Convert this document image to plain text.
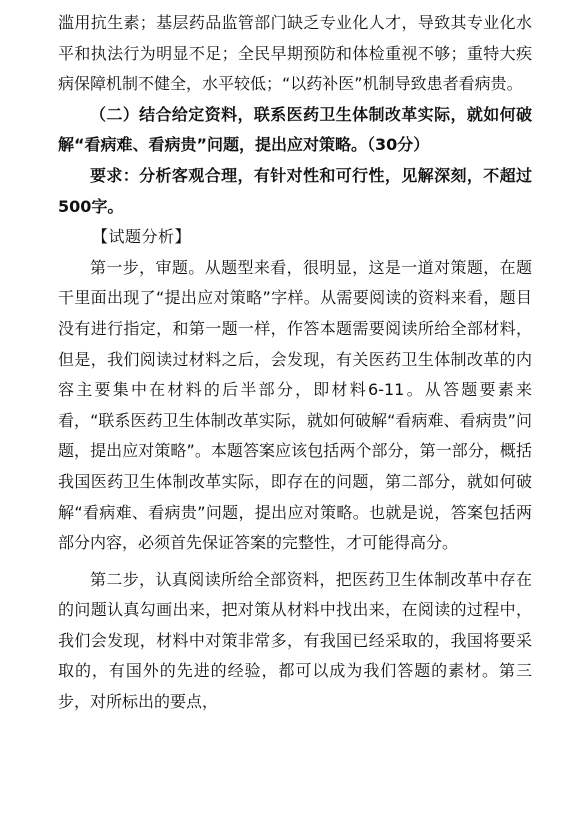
滥用抗生素；基层药品监管部门缺乏专业化人才，导致其专业化水平和执法行为明显不足；全民早期预防和体检重视不够；重特大疾病保障机制不健全，水平较低；“以药补医”机制导致患者看病贵。

（二）结合给定资料，联系医药卫生体制改革实际，就如何破解“看病难、看病贵”问题，提出应对策略。（30分）

要求：分析客观合理，有针对性和可行性，见解深刻，不超过500字。

【试题分析】

第一步，审题。从题型来看，很明显，这是一道对策题，在题干里面出现了“提出应对策略”字样。从需要阅读的资料来看，题目没有进行指定，和第一题一样，作答本题需要阅读所给全部材料，但是，我们阅读过材料之后，会发现，有关医药卫生体制改革的内容主要集中在材料的后半部分，即材料6-11。从答题要素来看，“联系医药卫生体制改革实际，就如何破解“看病难、看病贵”问题，提出应对策略”。本题答案应该包括两个部分，第一部分，概括我国医药卫生体制改革实际，即存在的问题，第二部分，就如何破解“看病难、看病贵”问题，提出应对策略。也就是说，答案包括两部分内容，必须首先保证答案的完整性，才可能得高分。

第二步，认真阅读所给全部资料，把医药卫生体制改革中存在的问题认真勾画出来，把对策从材料中找出来，在阅读的过程中，我们会发现，材料中对策非常多，有我国已经采取的，我国将要采取的，有国外的先进的经验，都可以成为我们答题的素材。第三步，对所标出的要点，
